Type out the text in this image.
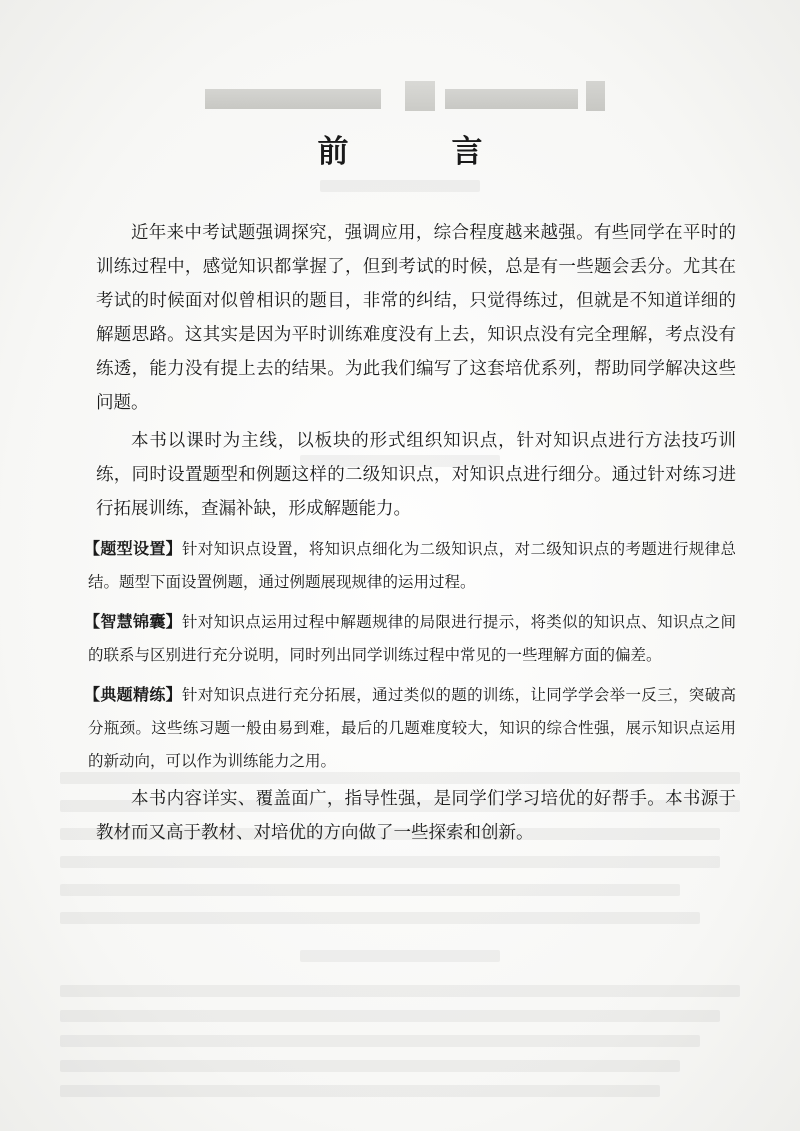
前　言

近年来中考试题强调探究，强调应用，综合程度越来越强。有些同学在平时的训练过程中，感觉知识都掌握了，但到考试的时候，总是有一些题会丢分。尤其在考试的时候面对似曾相识的题目，非常的纠结，只觉得练过，但就是不知道详细的解题思路。这其实是因为平时训练难度没有上去，知识点没有完全理解，考点没有练透，能力没有提上去的结果。为此我们编写了这套培优系列，帮助同学解决这些问题。

本书以课时为主线，以板块的形式组织知识点，针对知识点进行方法技巧训练，同时设置题型和例题这样的二级知识点，对知识点进行细分。通过针对练习进行拓展训练，查漏补缺，形成解题能力。

【题型设置】针对知识点设置，将知识点细化为二级知识点，对二级知识点的考题进行规律总结。题型下面设置例题，通过例题展现规律的运用过程。

【智慧锦囊】针对知识点运用过程中解题规律的局限进行提示，将类似的知识点、知识点之间的联系与区别进行充分说明，同时列出同学训练过程中常见的一些理解方面的偏差。

【典题精练】针对知识点进行充分拓展，通过类似的题的训练，让同学学会举一反三，突破高分瓶颈。这些练习题一般由易到难，最后的几题难度较大，知识的综合性强，展示知识点运用的新动向，可以作为训练能力之用。

本书内容详实、覆盖面广，指导性强，是同学们学习培优的好帮手。本书源于教材而又高于教材、对培优的方向做了一些探索和创新。
